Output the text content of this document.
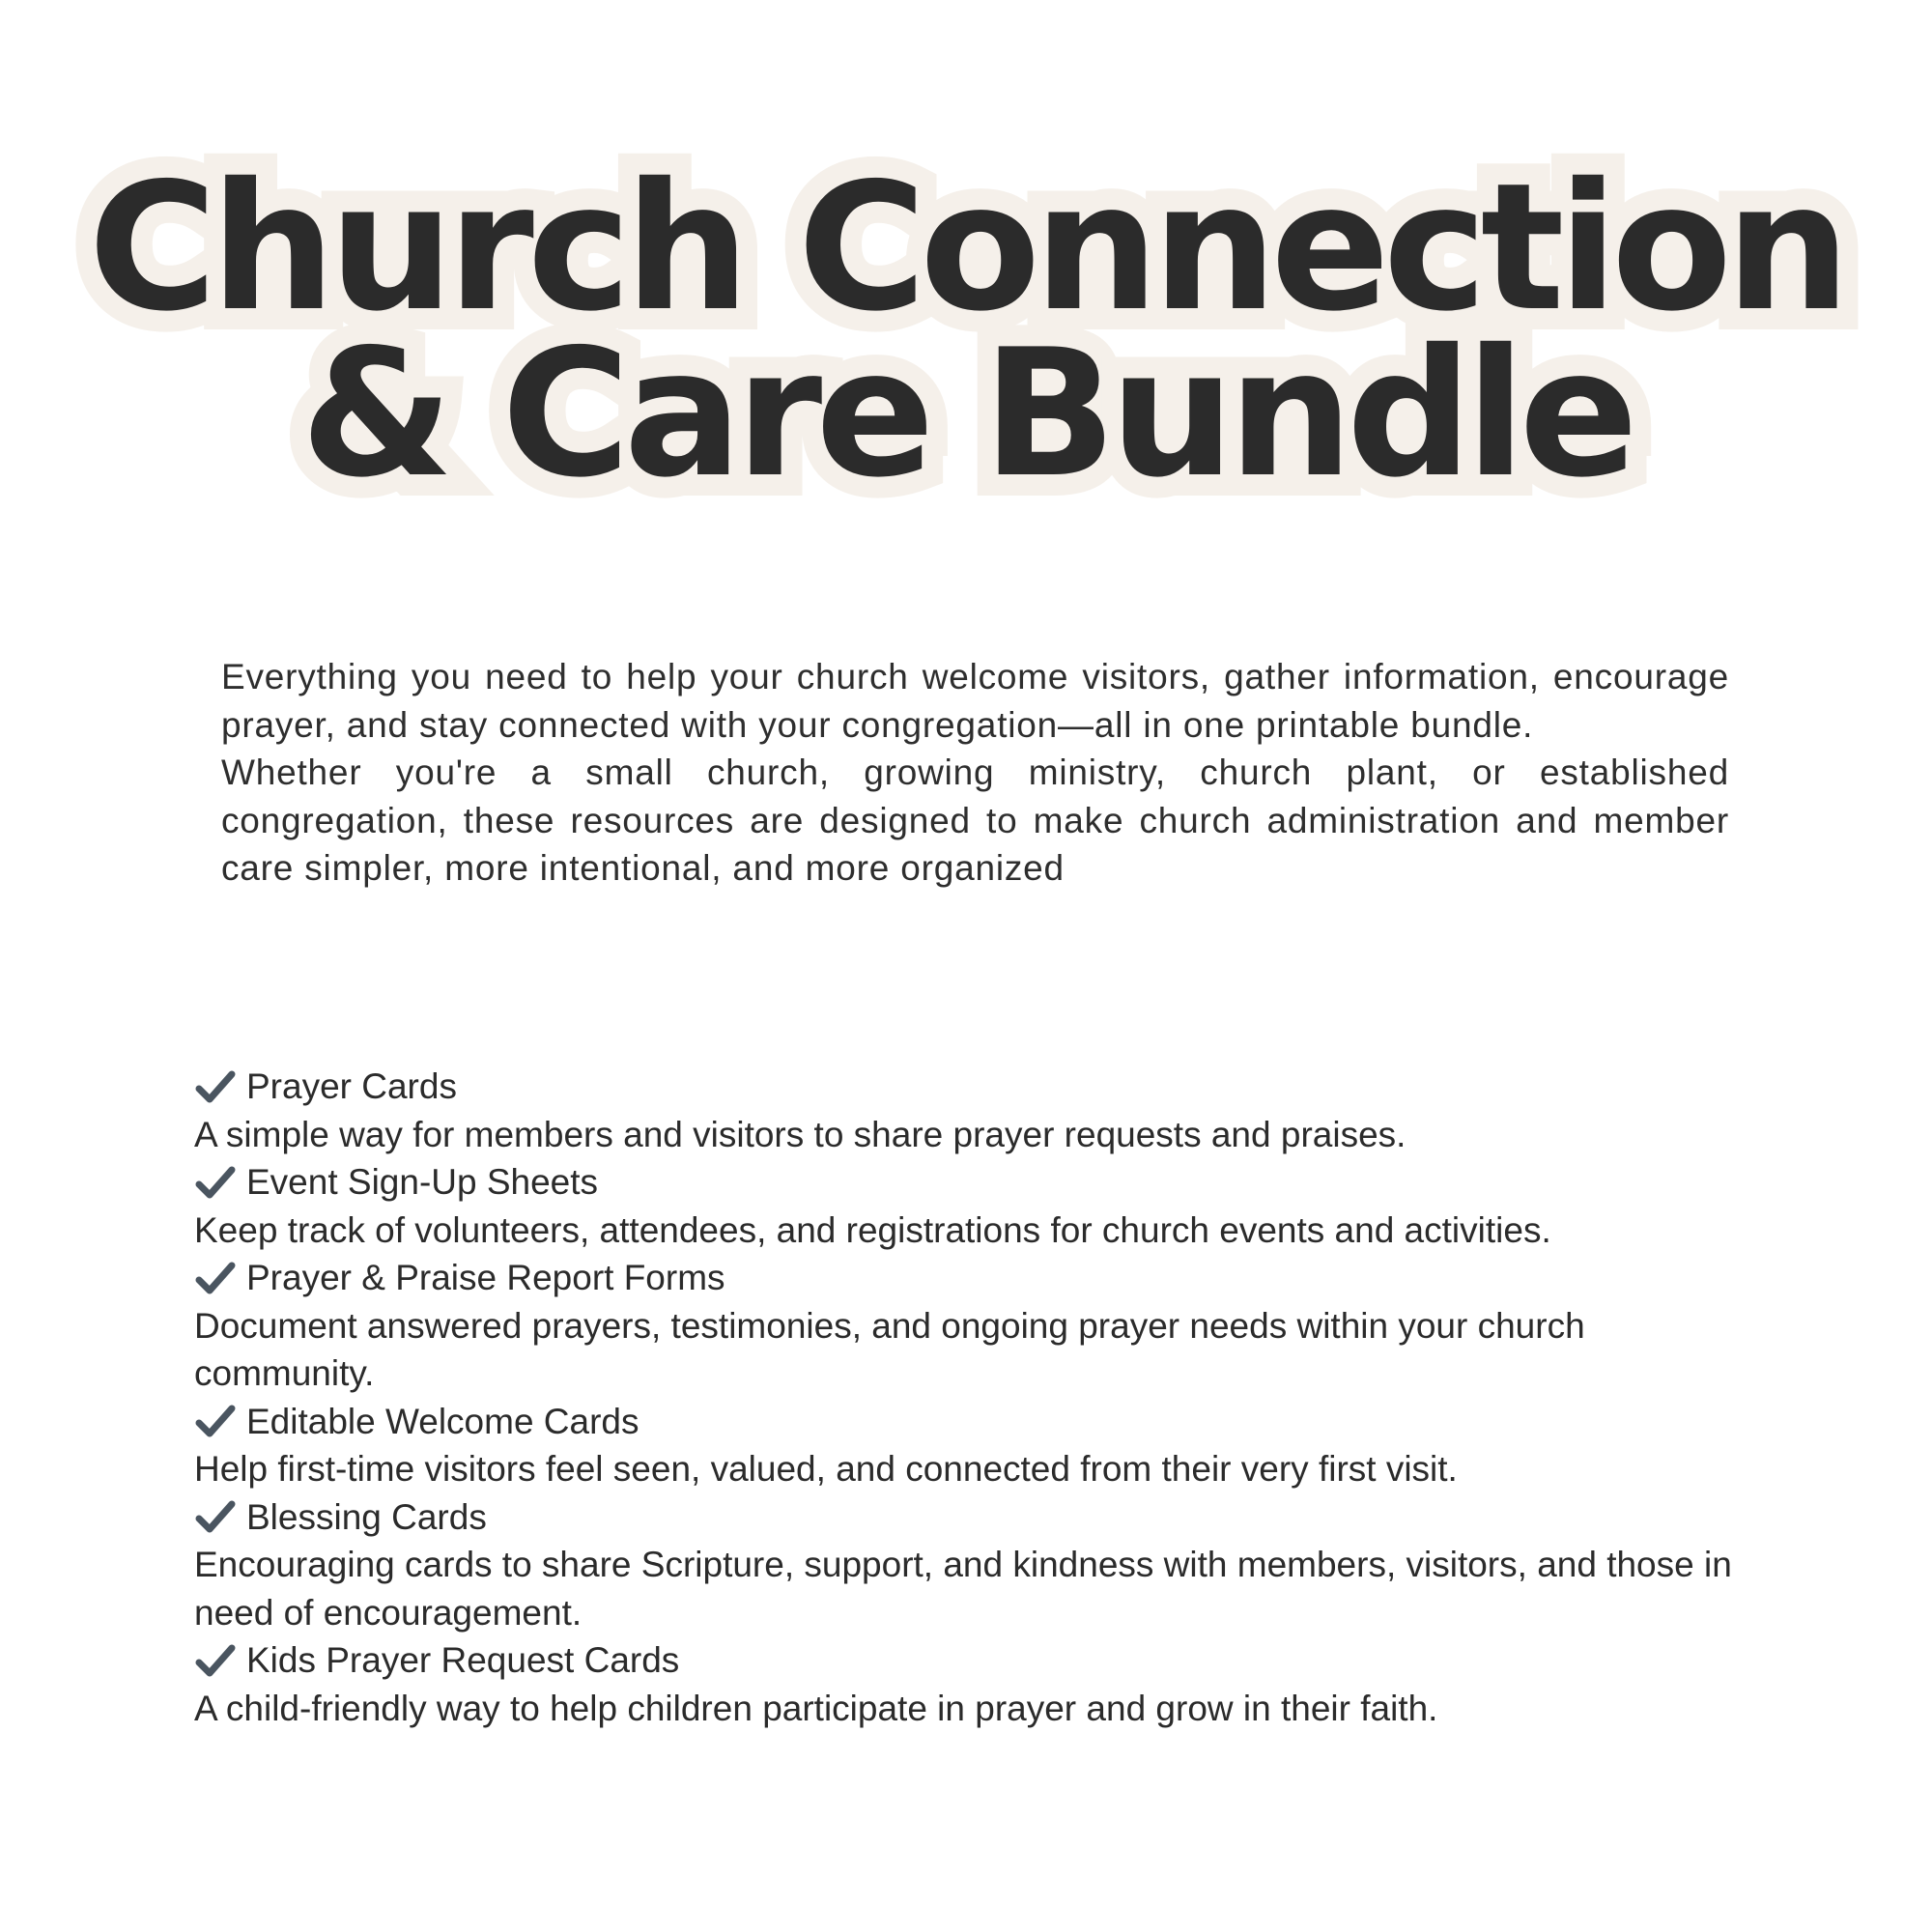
Church Connection
& Care Bundle

Everything you need to help your church welcome visitors, gather information, encourage prayer, and stay connected with your congregation—all in one printable bundle.

Whether you're a small church, growing ministry, church plant, or established congregation, these resources are designed to make church administration and member care simpler, more intentional, and more organized

Prayer Cards
A simple way for members and visitors to share prayer requests and praises.
Event Sign-Up Sheets
Keep track of volunteers, attendees, and registrations for church events and activities.
Prayer & Praise Report Forms
Document answered prayers, testimonies, and ongoing prayer needs within your church community.
Editable Welcome Cards
Help first-time visitors feel seen, valued, and connected from their very first visit.
Blessing Cards
Encouraging cards to share Scripture, support, and kindness with members, visitors, and those in need of encouragement.
Kids Prayer Request Cards
A child-friendly way to help children participate in prayer and grow in their faith.
